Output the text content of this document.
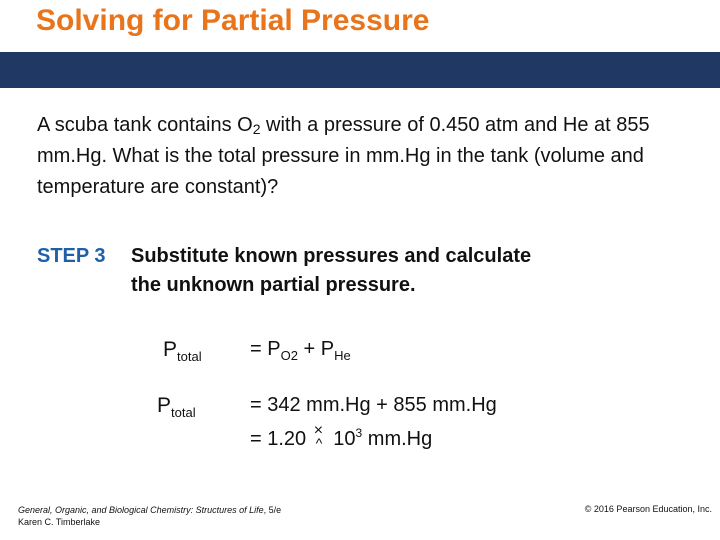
Solving for Partial Pressure
A scuba tank contains $O_2$ with a pressure of 0.450 atm and He at 855 mm.Hg. What is the total pressure in mm.Hg in the tank (volume and temperature are constant)?
STEP 3 Substitute known pressures and calculate
the unknown partial pressure.
$P_{total} = P_{O2} + P_{He}$
$P_{total}$	= 342 mm.Hg + 855 mm.Hg
= 1.20 ×
^ $10^3$ mm.Hg
General, Organic, and Biological Chemistry: Structures of Life, 5/e
Karen C. Timberlake
© 2016 Pearson Education, Inc.
